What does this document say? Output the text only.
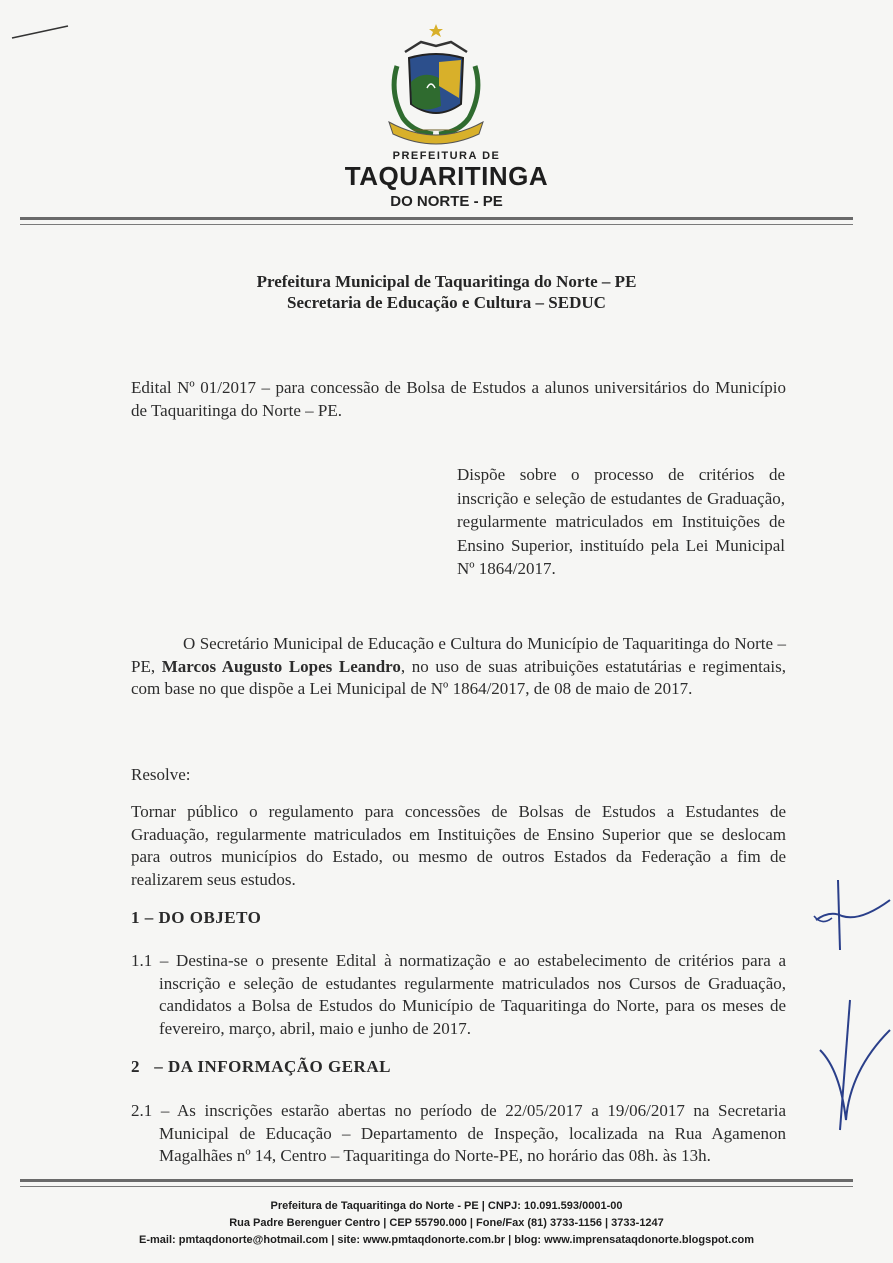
PREFEITURA DE
TAQUARITINGA
DO NORTE - PE
Prefeitura Municipal de Taquaritinga do Norte – PE
Secretaria de Educação e Cultura – SEDUC
Edital Nº 01/2017 – para concessão de Bolsa de Estudos a alunos universitários do Município de Taquaritinga do Norte – PE.
Dispõe sobre o processo de critérios de inscrição e seleção de estudantes de Graduação, regularmente matriculados em Instituições de Ensino Superior, instituído pela Lei Municipal Nº 1864/2017.
O Secretário Municipal de Educação e Cultura do Município de Taquaritinga do Norte – PE, Marcos Augusto Lopes Leandro, no uso de suas atribuições estatutárias e regimentais, com base no que dispõe a Lei Municipal de Nº 1864/2017, de 08 de maio de 2017.
Resolve:
Tornar público o regulamento para concessões de Bolsas de Estudos a Estudantes de Graduação, regularmente matriculados em Instituições de Ensino Superior que se deslocam para outros municípios do Estado, ou mesmo de outros Estados da Federação a fim de realizarem seus estudos.
1 – DO OBJETO
1.1 – Destina-se o presente Edital à normatização e ao estabelecimento de critérios para a inscrição e seleção de estudantes regularmente matriculados nos Cursos de Graduação, candidatos a Bolsa de Estudos do Município de Taquaritinga do Norte, para os meses de fevereiro, março, abril, maio e junho de 2017.
2 – DA INFORMAÇÃO GERAL
2.1 – As inscrições estarão abertas no período de 22/05/2017 a 19/06/2017 na Secretaria Municipal de Educação – Departamento de Inspeção, localizada na Rua Agamenon Magalhães nº 14, Centro – Taquaritinga do Norte-PE, no horário das 08h. às 13h.
Prefeitura de Taquaritinga do Norte - PE | CNPJ: 10.091.593/0001-00
Rua Padre Berenguer Centro | CEP 55790.000 | Fone/Fax (81) 3733-1156 | 3733-1247
E-mail: pmtaqdonorte@hotmail.com | site: www.pmtaqdonorte.com.br | blog: www.imprensataqdonorte.blogspot.com
